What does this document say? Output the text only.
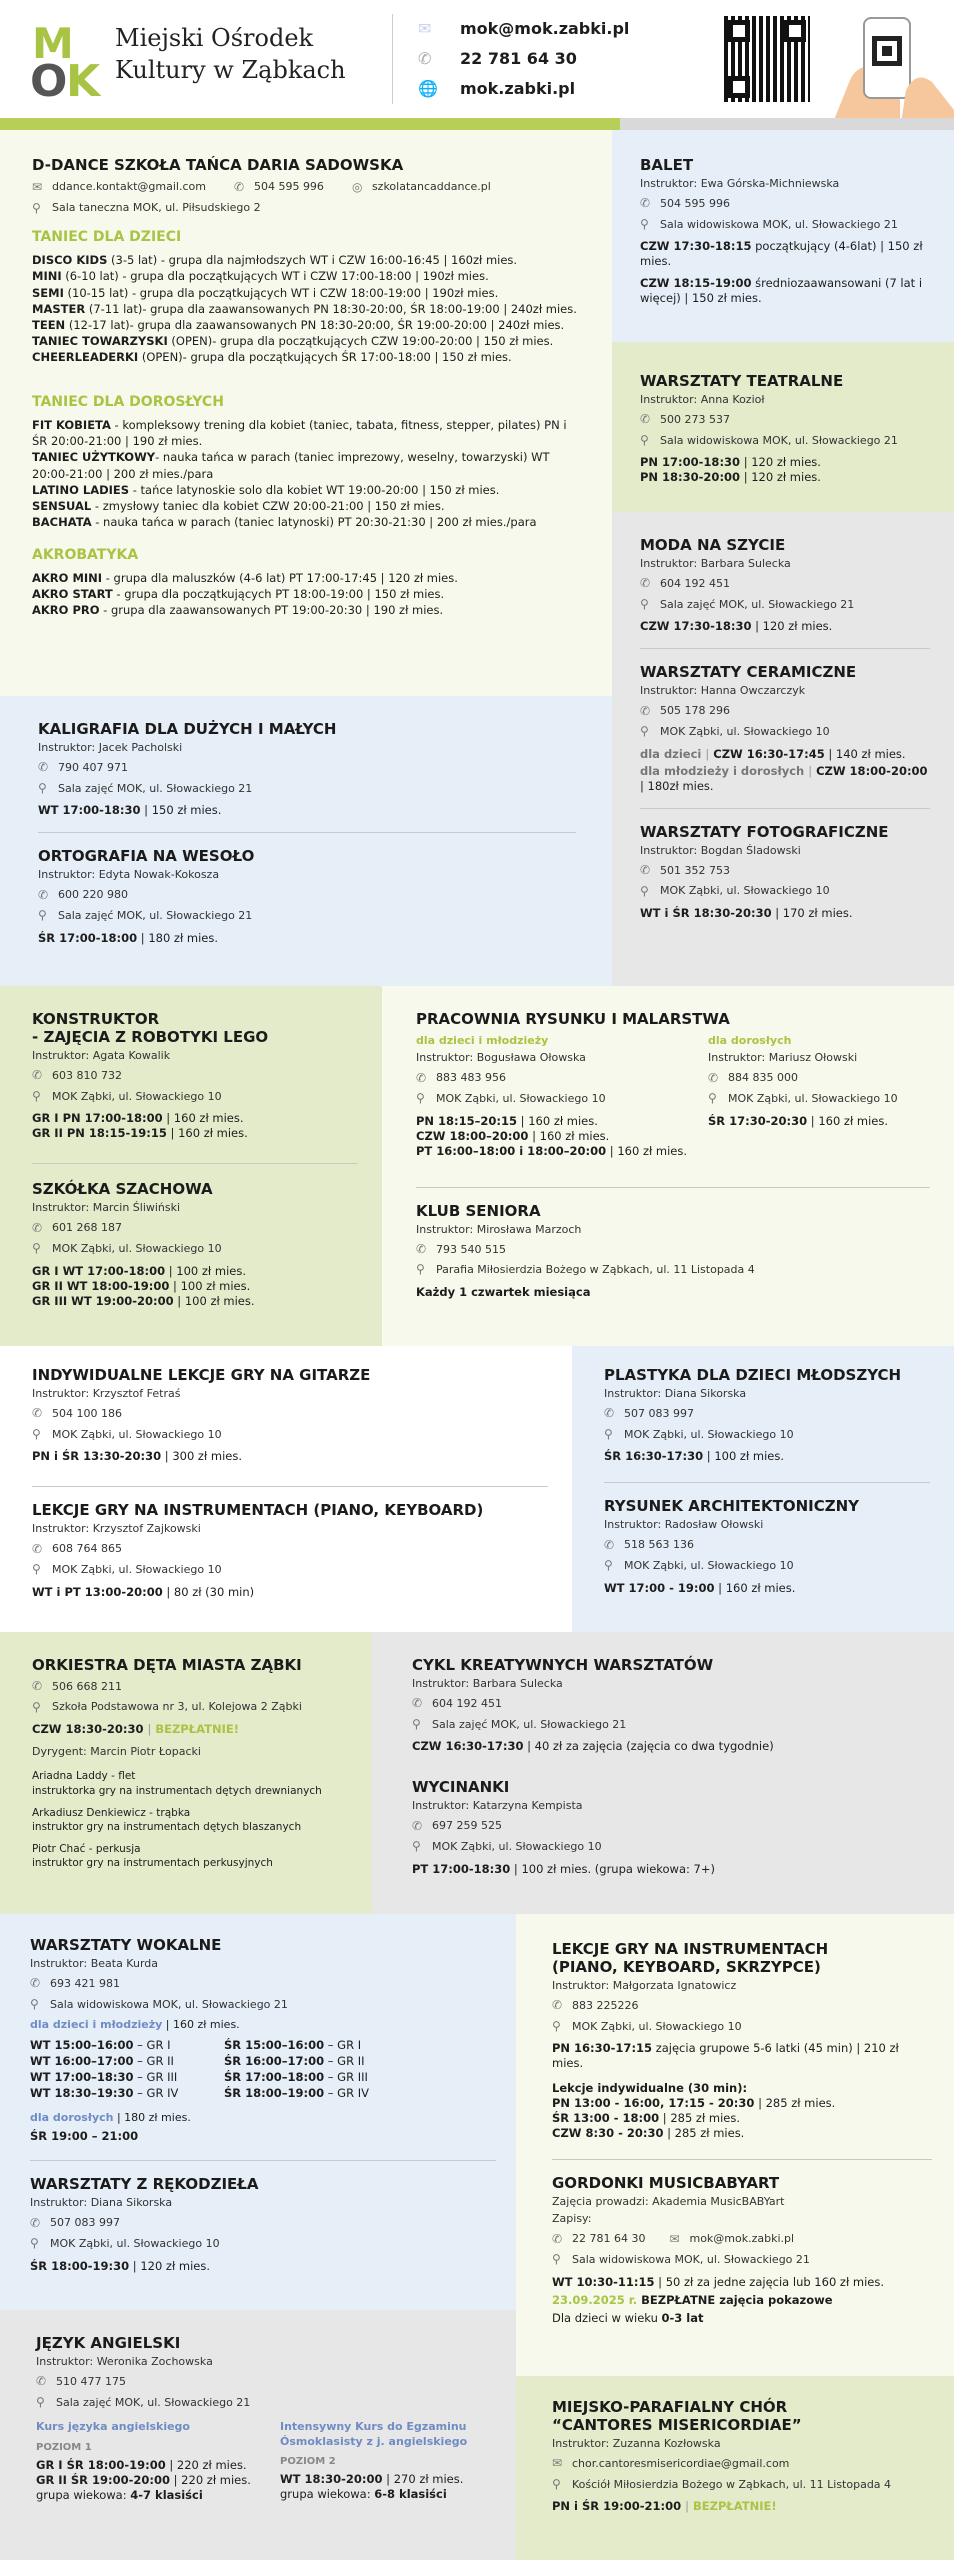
M
O
K
Miejski Ośrodek
Kultury w Ząbkach
✉	mok@mok.zabki.pl
✆	22 781 64 30
🌐	mok.zabki.pl
D-DANCE SZKOŁA TAŃCA DARIA SADOWSKA
✉ ddance.kontakt@gmail.com ✆ 504 595 996 ◎ szkolatancaddance.pl
⚲	Sala taneczna MOK, ul. Piłsudskiego 2
TANIEC DLA DZIECI
DISCO KIDS (3-5 lat) - grupa dla najmłodszych WT i CZW 16:00-16:45 | 160zł mies.
MINI (6-10 lat) - grupa dla początkujących WT i CZW 17:00-18:00 | 190zł mies.
SEMI (10-15 lat) - grupa dla początkujących WT i CZW 18:00-19:00 | 190zł mies.
MASTER (7-11 lat)- grupa dla zaawansowanych PN 18:30-20:00, ŚR 18:00-19:00 | 240zł mies.
TEEN (12-17 lat)- grupa dla zaawansowanych PN 18:30-20:00, ŚR 19:00-20:00 | 240zł mies.
TANIEC TOWARZYSKI (OPEN)- grupa dla początkujących CZW 19:00-20:00 | 150 zł mies.
CHEERLEADERKI (OPEN)- grupa dla początkujących ŚR 17:00-18:00 | 150 zł mies.
TANIEC DLA DOROSŁYCH
FIT KOBIETA - kompleksowy trening dla kobiet (taniec, tabata, fitness, stepper, pilates) PN i ŚR 20:00-21:00 | 190 zł mies.
TANIEC UŻYTKOWY- nauka tańca w parach (taniec imprezowy, weselny, towarzyski) WT 20:00-21:00 | 200 zł mies./para
LATINO LADIES - tańce latynoskie solo dla kobiet WT 19:00-20:00 | 150 zł mies.
SENSUAL - zmysłowy taniec dla kobiet CZW 20:00-21:00 | 150 zł mies.
BACHATA - nauka tańca w parach (taniec latynoski) PT 20:30-21:30 | 200 zł mies./para
AKROBATYKA
AKRO MINI - grupa dla maluszków (4-6 lat) PT 17:00-17:45 | 120 zł mies.
AKRO START - grupa dla początkujących PT 18:00-19:00 | 150 zł mies.
AKRO PRO - grupa dla zaawansowanych PT 19:00-20:30 | 190 zł mies.
BALET
Instruktor: Ewa Górska-Michniewska
✆ 504 595 996
⚲	Sala widowiskowa MOK, ul. Słowackiego 21
CZW 17:30-18:15 początkujący (4-6lat) | 150 zł mies.
CZW 18:15-19:00 średniozaawansowani (7 lat i więcej) | 150 zł mies.
WARSZTATY TEATRALNE
Instruktor: Anna Kozioł
✆ 500 273 537
⚲	Sala widowiskowa MOK, ul. Słowackiego 21
PN 17:00-18:30 | 120 zł mies.
PN 18:30-20:00 | 120 zł mies.
MODA NA SZYCIE
Instruktor: Barbara Sulecka
✆ 604 192 451
⚲	Sala zajęć MOK, ul. Słowackiego 21
CZW 17:30-18:30 | 120 zł mies.
WARSZTATY CERAMICZNE
Instruktor: Hanna Owczarczyk
✆ 505 178 296
⚲	MOK Ząbki, ul. Słowackiego 10
dla dzieci | CZW 16:30-17:45 | 140 zł mies.
dla młodzieży i dorosłych | CZW 18:00-20:00 | 180zł mies.
WARSZTATY FOTOGRAFICZNE
Instruktor: Bogdan Śladowski
✆ 501 352 753
⚲	MOK Ząbki, ul. Słowackiego 10
WT i ŚR 18:30-20:30 | 170 zł mies.
KALIGRAFIA DLA DUŻYCH I MAŁYCH
Instruktor: Jacek Pacholski
✆ 790 407 971
⚲	Sala zajęć MOK, ul. Słowackiego 21
WT 17:00-18:30 | 150 zł mies.
ORTOGRAFIA NA WESOŁO
Instruktor: Edyta Nowak-Kokosza
✆ 600 220 980
⚲	Sala zajęć MOK, ul. Słowackiego 21
ŚR 17:00-18:00 | 180 zł mies.
KONSTRUKTOR
- ZAJĘCIA Z ROBOTYKI LEGO
Instruktor: Agata Kowalik
✆ 603 810 732
⚲	MOK Ząbki, ul. Słowackiego 10
GR I PN 17:00-18:00 | 160 zł mies.
GR II PN 18:15-19:15 | 160 zł mies.
SZKÓŁKA SZACHOWA
Instruktor: Marcin Śliwiński
✆ 601 268 187
⚲	MOK Ząbki, ul. Słowackiego 10
GR I WT 17:00-18:00 | 100 zł mies.
GR II WT 18:00-19:00 | 100 zł mies.
GR III WT 19:00-20:00 | 100 zł mies.
PRACOWNIA RYSUNKU I MALARSTWA
dla dzieci i młodzieży
Instruktor: Bogusława Ołowska
✆ 883 483 956
⚲	MOK Ząbki, ul. Słowackiego 10
PN 18:15–20:15 | 160 zł mies.
CZW 18:00–20:00 | 160 zł mies.
PT 16:00–18:00 i 18:00–20:00 | 160 zł mies.
dla dorosłych
Instruktor: Mariusz Ołowski
✆ 884 835 000
⚲	MOK Ząbki, ul. Słowackiego 10
ŚR 17:30-20:30 | 160 zł mies.
KLUB SENIORA
Instruktor: Mirosława Marzoch
✆ 793 540 515
⚲	Parafia Miłosierdzia Bożego w Ząbkach, ul. 11 Listopada 4
Każdy 1 czwartek miesiąca
INDYWIDUALNE LEKCJE GRY NA GITARZE
Instruktor: Krzysztof Fetraś
✆ 504 100 186
⚲	MOK Ząbki, ul. Słowackiego 10
PN i ŚR 13:30-20:30 | 300 zł mies.
LEKCJE GRY NA INSTRUMENTACH (PIANO, KEYBOARD)
Instruktor: Krzysztof Zajkowski
✆ 608 764 865
⚲	MOK Ząbki, ul. Słowackiego 10
WT i PT 13:00-20:00 | 80 zł (30 min)
PLASTYKA DLA DZIECI MŁODSZYCH
Instruktor: Diana Sikorska
✆ 507 083 997
⚲	MOK Ząbki, ul. Słowackiego 10
ŚR 16:30-17:30 | 100 zł mies.
RYSUNEK ARCHITEKTONICZNY
Instruktor: Radosław Ołowski
✆ 518 563 136
⚲	MOK Ząbki, ul. Słowackiego 10
WT 17:00 - 19:00 | 160 zł mies.
ORKIESTRA DĘTA MIASTA ZĄBKI
✆ 506 668 211
⚲	Szkoła Podstawowa nr 3, ul. Kolejowa 2 Ząbki
CZW 18:30-20:30 | BEZPŁATNIE!
Dyrygent: Marcin Piotr Łopacki
Ariadna Laddy - flet
instruktorka gry na instrumentach dętych drewnianych
Arkadiusz Denkiewicz - trąbka
instruktor gry na instrumentach dętych blaszanych
Piotr Chać - perkusja
instruktor gry na instrumentach perkusyjnych
CYKL KREATYWNYCH WARSZTATÓW
Instruktor: Barbara Sulecka
✆ 604 192 451
⚲	Sala zajęć MOK, ul. Słowackiego 21
CZW 16:30-17:30 | 40 zł za zajęcia (zajęcia co dwa tygodnie)
WYCINANKI
Instruktor: Katarzyna Kempista
✆ 697 259 525
⚲	MOK Ząbki, ul. Słowackiego 10
PT 17:00-18:30 | 100 zł mies. (grupa wiekowa: 7+)
WARSZTATY WOKALNE
Instruktor: Beata Kurda
✆ 693 421 981
⚲	Sala widowiskowa MOK, ul. Słowackiego 21
dla dzieci i młodzieży | 160 zł mies.
WT 15:00–16:00 – GR I
WT 16:00–17:00 – GR II
WT 17:00–18:30 – GR III
WT 18:30–19:30 – GR IV
ŚR 15:00–16:00 – GR I
ŚR 16:00–17:00 – GR II
ŚR 17:00–18:00 – GR III
ŚR 18:00–19:00 – GR IV
dla dorosłych | 180 zł mies.
ŚR 19:00 – 21:00
WARSZTATY Z RĘKODZIEŁA
Instruktor: Diana Sikorska
✆ 507 083 997
⚲	MOK Ząbki, ul. Słowackiego 10
ŚR 18:00-19:30 | 120 zł mies.
LEKCJE GRY NA INSTRUMENTACH
(PIANO, KEYBOARD, SKRZYPCE)
Instruktor: Małgorzata Ignatowicz
✆ 883 225226
⚲	MOK Ząbki, ul. Słowackiego 10
PN 16:30-17:15 zajęcia grupowe 5-6 latki (45 min) | 210 zł mies.
Lekcje indywidualne (30 min):
PN 13:00 - 16:00, 17:15 - 20:30 | 285 zł mies.
ŚR 13:00 - 18:00 | 285 zł mies.
CZW 8:30 - 20:30 | 285 zł mies.
GORDONKI MUSICBABYART
Zajęcia prowadzi: Akademia MusicBABYart
Zapisy:
✆ 22 781 64 30 ✉ mok@mok.zabki.pl
⚲	Sala widowiskowa MOK, ul. Słowackiego 21
WT 10:30-11:15 | 50 zł za jedne zajęcia lub 160 zł mies.
23.09.2025 r. BEZPŁATNE zajęcia pokazowe
Dla dzieci w wieku 0-3 lat
JĘZYK ANGIELSKI
Instruktor: Weronika Zochowska
✆ 510 477 175
⚲	Sala zajęć MOK, ul. Słowackiego 21
Kurs języka angielskiego
POZIOM 1
GR I ŚR 18:00-19:00 | 220 zł mies.
GR II ŚR 19:00-20:00 | 220 zł mies.
grupa wiekowa: 4-7 klasiści
Intensywny Kurs do Egzaminu Ósmoklasisty z j. angielskiego
POZIOM 2
WT 18:30-20:00 | 270 zł mies.
grupa wiekowa: 6-8 klasiści
MIEJSKO-PARAFIALNY CHÓR
“CANTORES MISERICORDIAE”
Instruktor: Zuzanna Kozłowska
✉ chor.cantoresmisericordiae@gmail.com
⚲	Kościół Miłosierdzia Bożego w Ząbkach, ul. 11 Listopada 4
PN i ŚR 19:00-21:00 | BEZPŁATNIE!
